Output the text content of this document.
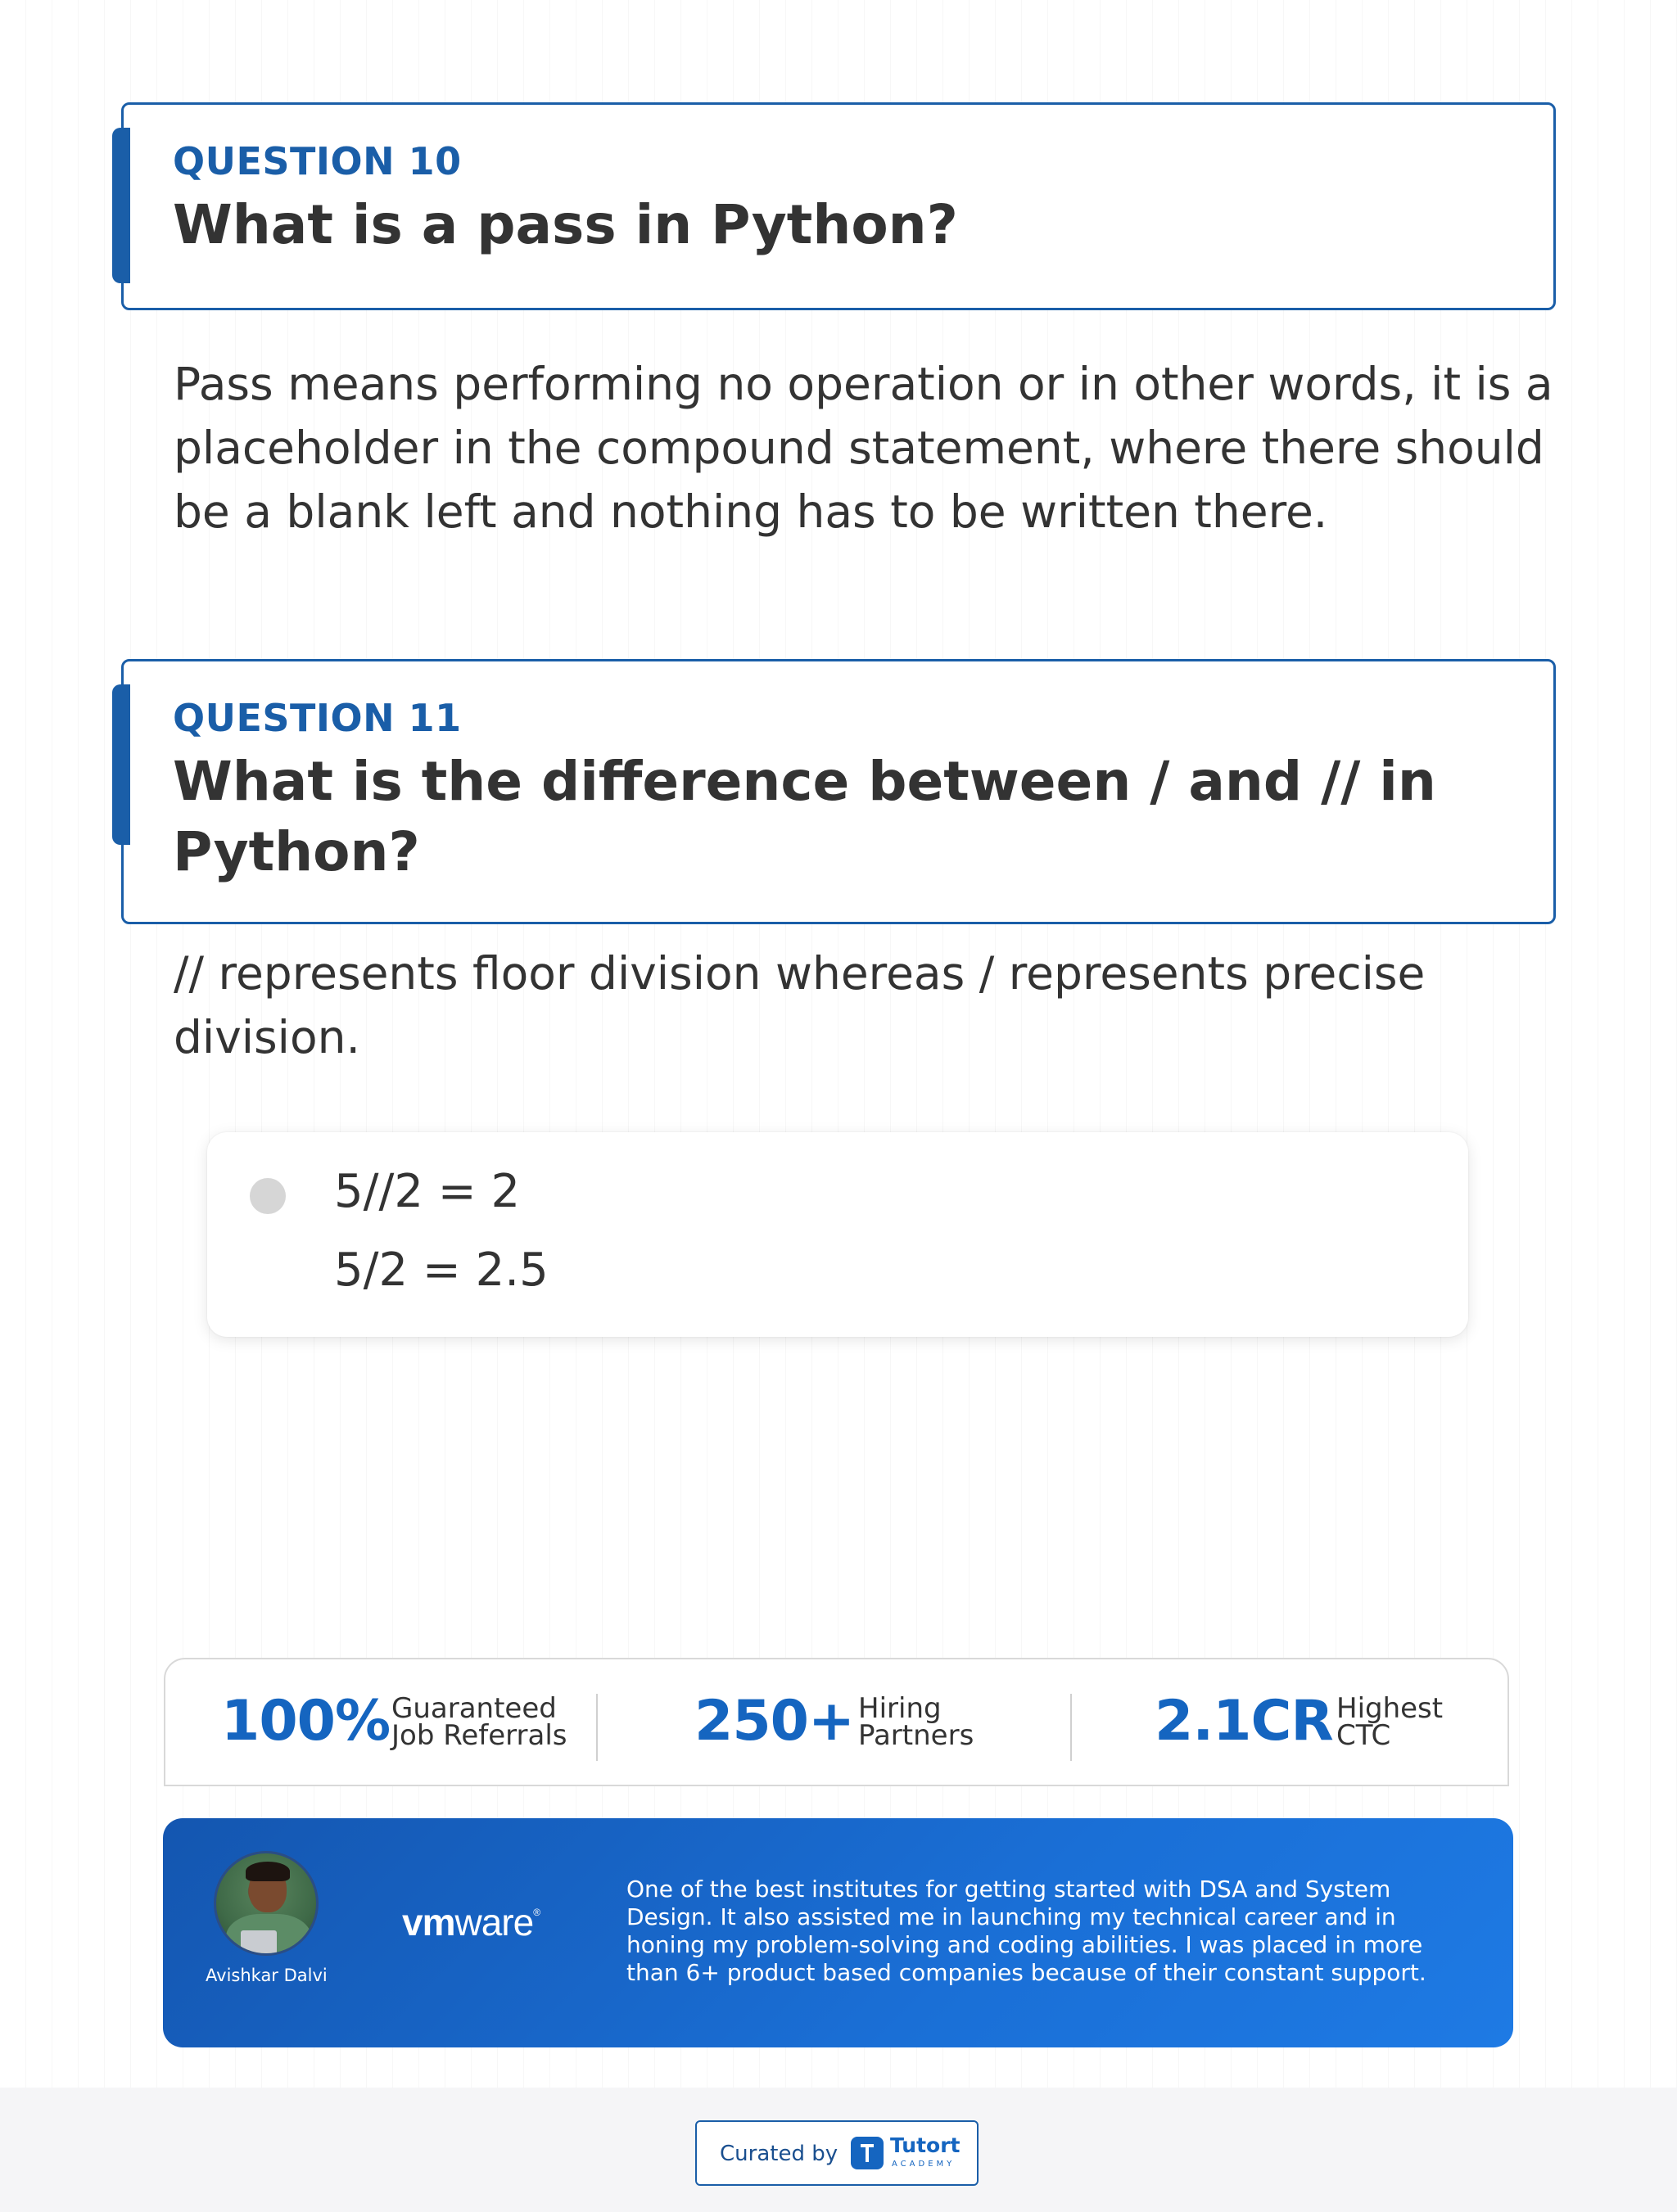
QUESTION 10
What is a pass in Python?
Pass means performing no operation or in other words, it is a placeholder in the compound statement, where there should be a blank left and nothing has to be written there.
QUESTION 11
What is the difference between / and // in Python?
// represents floor division whereas / represents precise division.
5//2 = 2
5/2 = 2.5
100% Guaranteed
Job Referrals 250+ Hiring
Partners	2.1CR Highest
CTC
Avishkar Dalvi
vmware®
One of the best institutes for getting started with DSA and System Design. It also assisted me in launching my technical career and in honing my problem-solving and coding abilities. I was placed in more than 6+ product based companies because of their constant support.
Curated by	Tutort
ACADEMY
